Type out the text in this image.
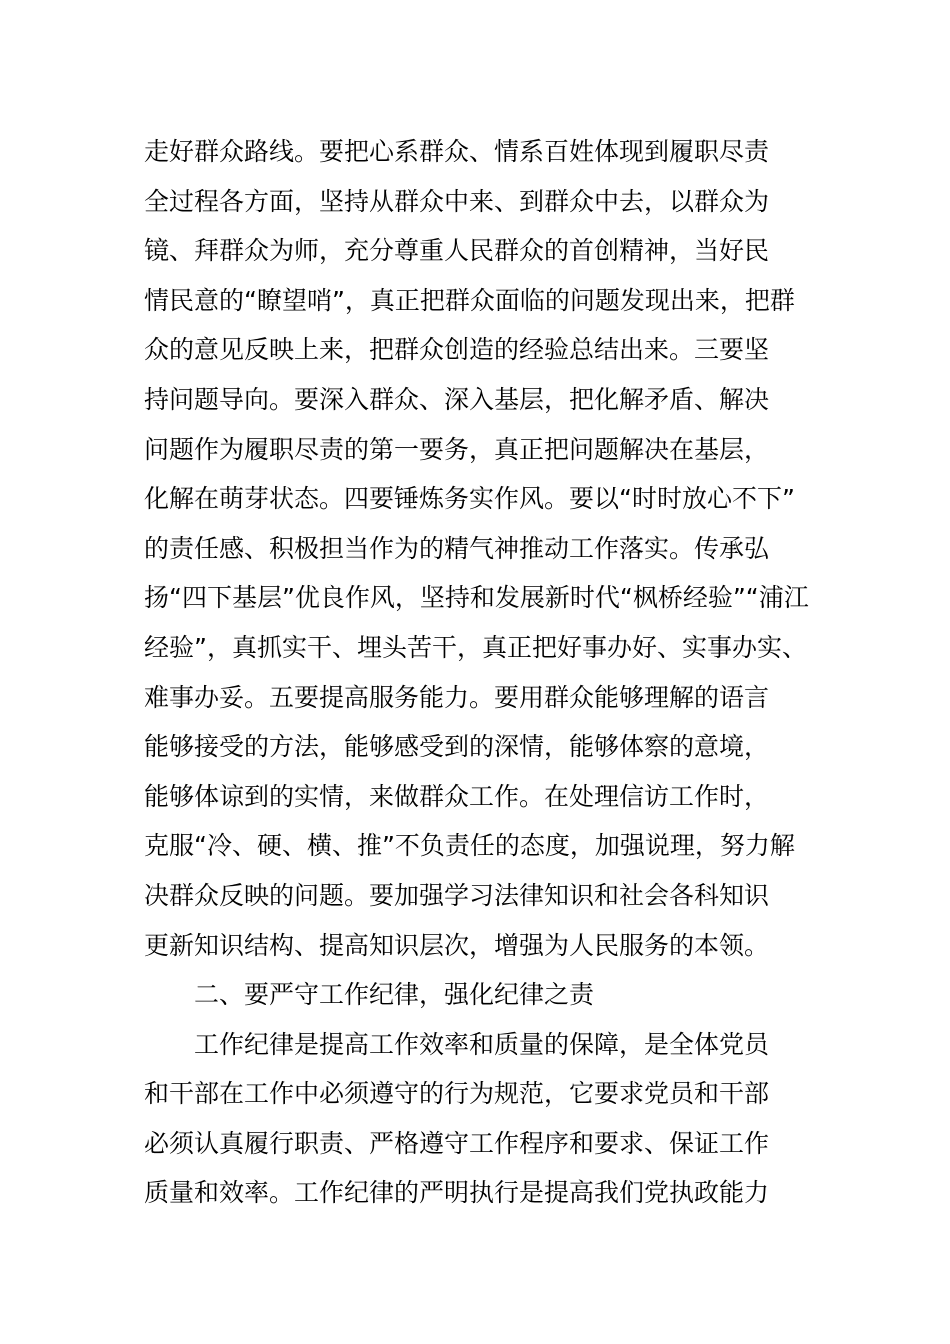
走好群众路线。要把心系群众、情系百姓体现到履职尽责
全过程各方面，坚持从群众中来、到群众中去，以群众为
镜、拜群众为师，充分尊重人民群众的首创精神，当好民
情民意的“瞭望哨”，真正把群众面临的问题发现出来，把群
众的意见反映上来，把群众创造的经验总结出来。三要坚
持问题导向。要深入群众、深入基层，把化解矛盾、解决
问题作为履职尽责的第一要务，真正把问题解决在基层，
化解在萌芽状态。四要锤炼务实作风。要以“时时放心不下”
的责任感、积极担当作为的精气神推动工作落实。传承弘
扬“四下基层”优良作风，坚持和发展新时代“枫桥经验”“浦江
经验”，真抓实干、埋头苦干，真正把好事办好、实事办实、
难事办妥。五要提高服务能力。要用群众能够理解的语言
能够接受的方法，能够感受到的深情，能够体察的意境，
能够体谅到的实情，来做群众工作。在处理信访工作时，
克服“冷、硬、横、推”不负责任的态度，加强说理，努力解
决群众反映的问题。要加强学习法律知识和社会各科知识
更新知识结构、提高知识层次，增强为人民服务的本领。
二、要严守工作纪律，强化纪律之责
工作纪律是提高工作效率和质量的保障，是全体党员
和干部在工作中必须遵守的行为规范，它要求党员和干部
必须认真履行职责、严格遵守工作程序和要求、保证工作
质量和效率。工作纪律的严明执行是提高我们党执政能力
